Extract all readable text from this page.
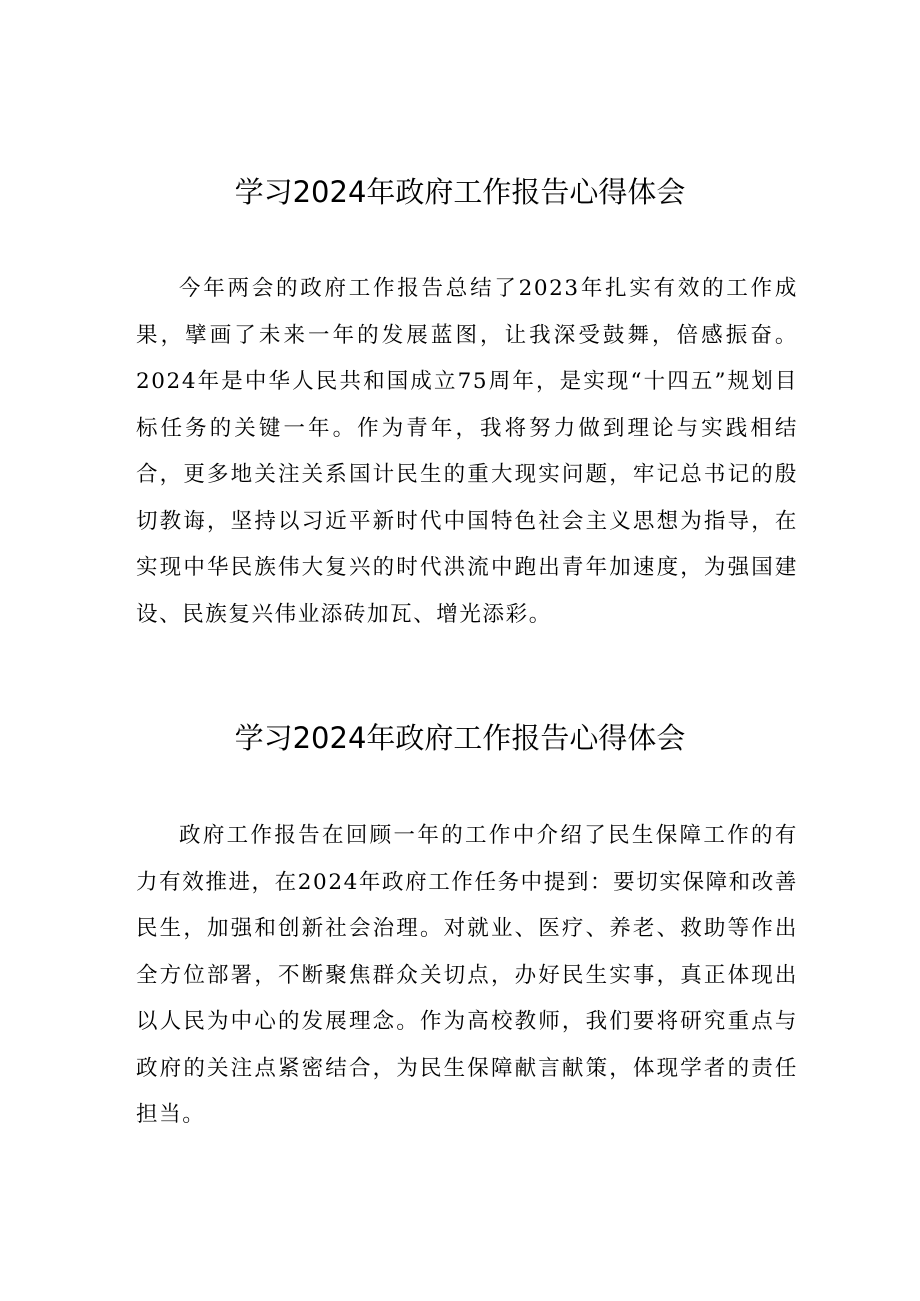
学习2024年政府工作报告心得体会

今年两会的政府工作报告总结了2023年扎实有效的工作成果，擘画了未来一年的发展蓝图，让我深受鼓舞，倍感振奋。2024年是中华人民共和国成立75周年，是实现“十四五”规划目标任务的关键一年。作为青年，我将努力做到理论与实践相结合，更多地关注关系国计民生的重大现实问题，牢记总书记的殷切教诲，坚持以习近平新时代中国特色社会主义思想为指导，在实现中华民族伟大复兴的时代洪流中跑出青年加速度，为强国建设、民族复兴伟业添砖加瓦、增光添彩。

学习2024年政府工作报告心得体会

政府工作报告在回顾一年的工作中介绍了民生保障工作的有力有效推进，在2024年政府工作任务中提到：要切实保障和改善民生，加强和创新社会治理。对就业、医疗、养老、救助等作出全方位部署，不断聚焦群众关切点，办好民生实事，真正体现出以人民为中心的发展理念。作为高校教师，我们要将研究重点与政府的关注点紧密结合，为民生保障献言献策，体现学者的责任担当。
